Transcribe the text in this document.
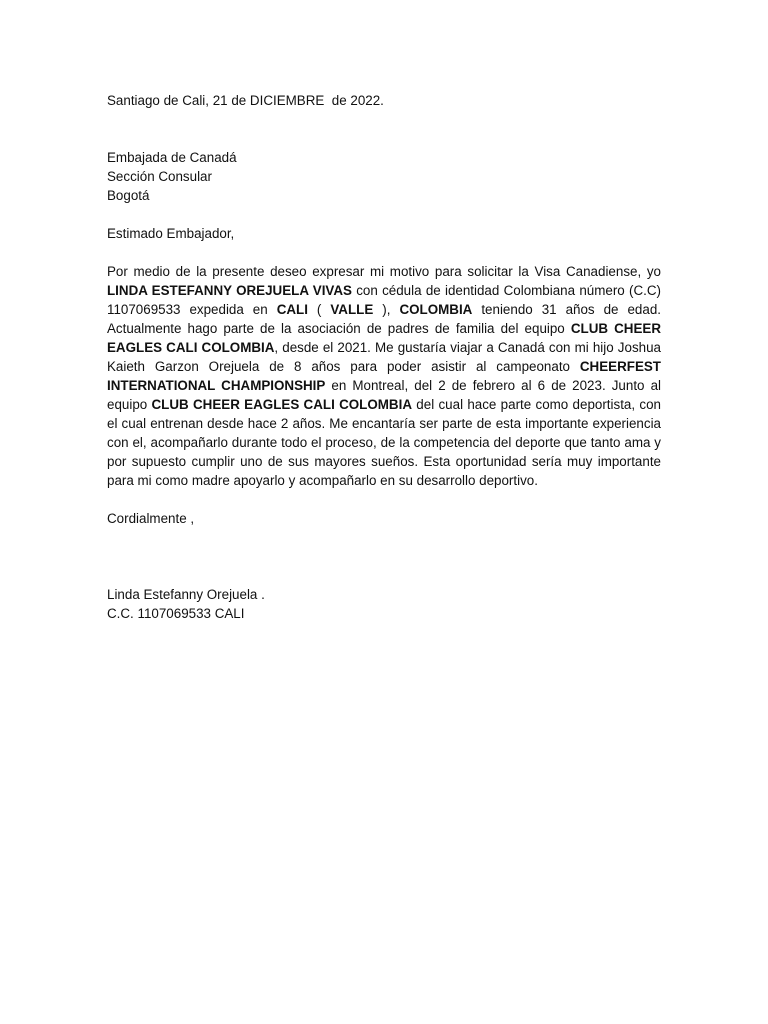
Santiago de Cali, 21 de DICIEMBRE  de 2022.

Embajada de Canadá

Sección Consular

Bogotá

Estimado Embajador,

Por medio de la presente deseo expresar mi motivo para solicitar la Visa Canadiense, yo LINDA ESTEFANNY OREJUELA VIVAS con cédula de identidad Colombiana número (C.C) 1107069533 expedida en CALI ( VALLE ), COLOMBIA teniendo 31 años de edad. Actualmente hago parte de la asociación de padres de familia del equipo CLUB CHEER EAGLES CALI COLOMBIA, desde el 2021. Me gustaría viajar a Canadá con mi hijo Joshua Kaieth Garzon Orejuela de 8 años para poder asistir al campeonato CHEERFEST INTERNATIONAL CHAMPIONSHIP en Montreal, del 2 de febrero al 6 de 2023. Junto al equipo CLUB CHEER EAGLES CALI COLOMBIA del cual hace parte como deportista, con el cual entrenan desde hace 2 años. Me encantaría ser parte de esta importante experiencia con el, acompañarlo durante todo el proceso, de la competencia del deporte que tanto ama y por supuesto cumplir uno de sus mayores sueños. Esta oportunidad sería muy importante para mi como madre apoyarlo y acompañarlo en su desarrollo deportivo.

Cordialmente ,

Linda Estefanny Orejuela .

C.C. 1107069533 CALI
